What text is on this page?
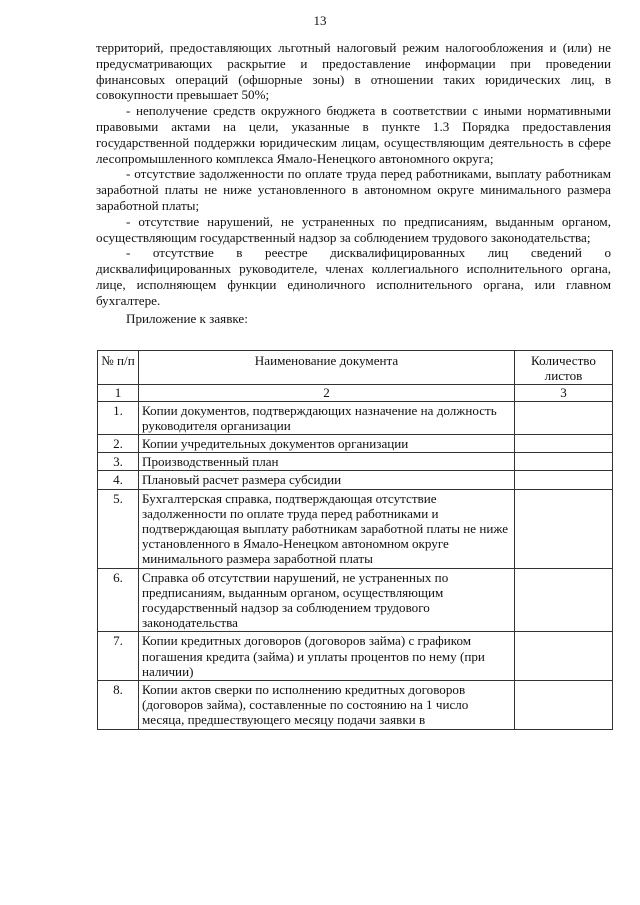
13

территорий, предоставляющих льготный налоговый режим налогообложения и (или) не предусматривающих раскрытие и предоставление информации при проведении финансовых операций (офшорные зоны) в отношении таких юридических лиц, в совокупности превышает 50%;

- неполучение средств окружного бюджета в соответствии с иными нормативными правовыми актами на цели, указанные в пункте 1.3 Порядка предоставления государственной поддержки юридическим лицам, осуществляющим деятельность в сфере лесопромышленного комплекса Ямало-Ненецкого автономного округа;

- отсутствие задолженности по оплате труда перед работниками, выплату работникам заработной платы не ниже установленного в автономном округе минимального размера заработной платы;

- отсутствие нарушений, не устраненных по предписаниям, выданным органом, осуществляющим государственный надзор за соблюдением трудового законодательства;

- отсутствие в реестре дисквалифицированных лиц сведений о дисквалифицированных руководителе, членах коллегиального исполнительного органа, лице, исполняющем функции единоличного исполнительного органа, или главном бухгалтере.

Приложение к заявке:

№ п/п	Наименование документа	Количество листов
1	2	3
1.	Копии документов, подтверждающих назначение на должность руководителя организации	
2.	Копии учредительных документов организации	
3.	Производственный план	
4.	Плановый расчет размера субсидии	
5.	Бухгалтерская справка, подтверждающая отсутствие задолженности по оплате труда перед работниками и подтверждающая выплату работникам заработной платы не ниже установленного в Ямало-Ненецком автономном округе минимального размера заработной платы	
6.	Справка об отсутствии нарушений, не устраненных по предписаниям, выданным органом, осуществляющим государственный надзор за соблюдением трудового законодательства	
7.	Копии кредитных договоров (договоров займа) с графиком погашения кредита (займа) и уплаты процентов по нему (при наличии)	
8.	Копии актов сверки по исполнению кредитных договоров (договоров займа), составленные по состоянию на 1 число месяца, предшествующего месяцу подачи заявки в	
